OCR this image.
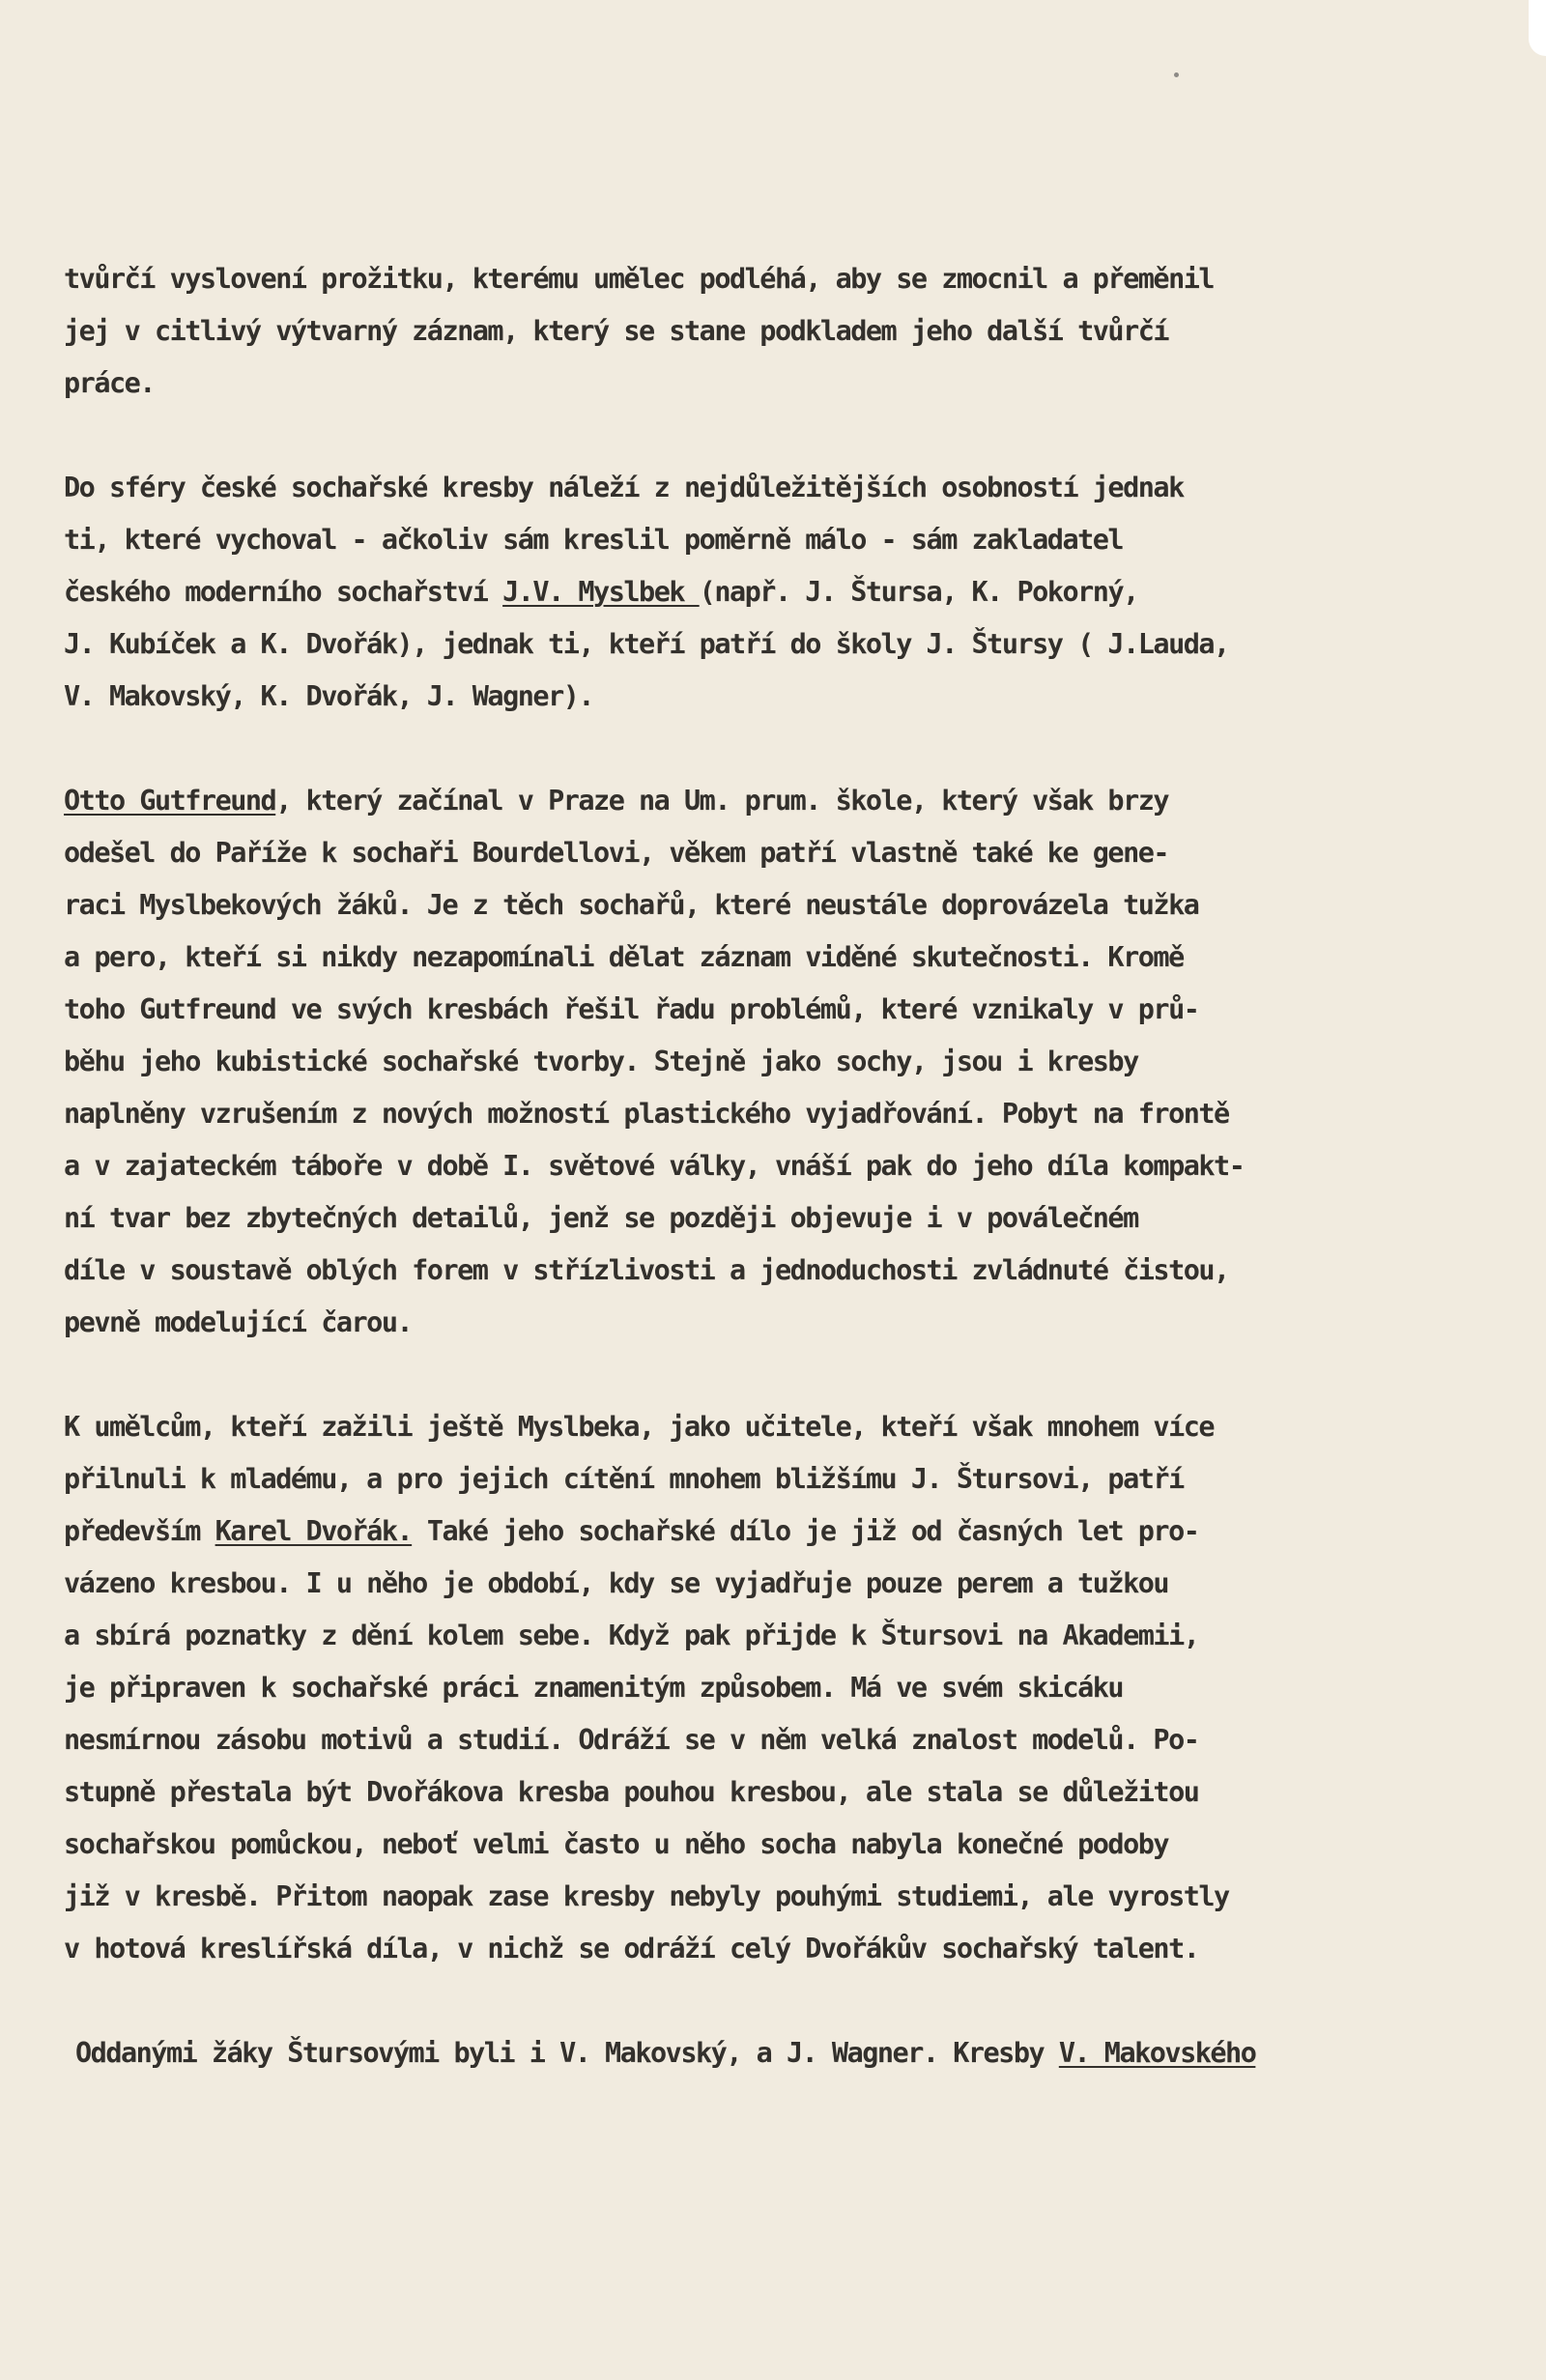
tvůrčí vyslovení prožitku, kterému umělec podléhá, aby se zmocnil a přeměnil
jej v citlivý výtvarný záznam, který se stane podkladem jeho další tvůrčí
práce.
Do sféry české sochařské kresby náleží z nejdůležitějších osobností jednak
ti, které vychoval - ačkoliv sám kreslil poměrně málo - sám zakladatel
českého moderního sochařství J.V. Myslbek (např. J. Štursa, K. Pokorný,
J. Kubíček a K. Dvořák), jednak ti, kteří patří do školy J. Štursy ( J.Lauda,
V. Makovský, K. Dvořák, J. Wagner).
Otto Gutfreund, který začínal v Praze na Um. prum. škole, který však brzy
odešel do Paříže k sochaři Bourdellovi, věkem patří vlastně také ke gene-
raci Myslbekových žáků. Je z těch sochařů, které neustále doprovázela tužka
a pero, kteří si nikdy nezapomínali dělat záznam viděné skutečnosti. Kromě
toho Gutfreund ve svých kresbách řešil řadu problémů, které vznikaly v prů-
běhu jeho kubistické sochařské tvorby. Stejně jako sochy, jsou i kresby
naplněny vzrušením z nových možností plastického vyjadřování. Pobyt na frontě
a v zajateckém táboře v době I. světové války, vnáší pak do jeho díla kompakt-
ní tvar bez zbytečných detailů, jenž se později objevuje i v poválečném
díle v soustavě oblých forem v střízlivosti a jednoduchosti zvládnuté čistou,
pevně modelující čarou.
K umělcům, kteří zažili ještě Myslbeka, jako učitele, kteří však mnohem více
přilnuli k mladému, a pro jejich cítění mnohem bližšímu J. Štursovi, patří
především Karel Dvořák. Také jeho sochařské dílo je již od časných let pro-
vázeno kresbou. I u něho je období, kdy se vyjadřuje pouze perem a tužkou
a sbírá poznatky z dění kolem sebe. Když pak přijde k Štursovi na Akademii,
je připraven k sochařské práci znamenitým způsobem. Má ve svém skicáku
nesmírnou zásobu motivů a studií. Odráží se v něm velká znalost modelů. Po-
stupně přestala být Dvořákova kresba pouhou kresbou, ale stala se důležitou
sochařskou pomůckou, neboť velmi často u něho socha nabyla konečné podoby
již v kresbě. Přitom naopak zase kresby nebyly pouhými studiemi, ale vyrostly
v hotová kreslířská díla, v nichž se odráží celý Dvořákův sochařský talent.
Oddanými žáky Štursovými byli i V. Makovský, a J. Wagner. Kresby V. Makovského
